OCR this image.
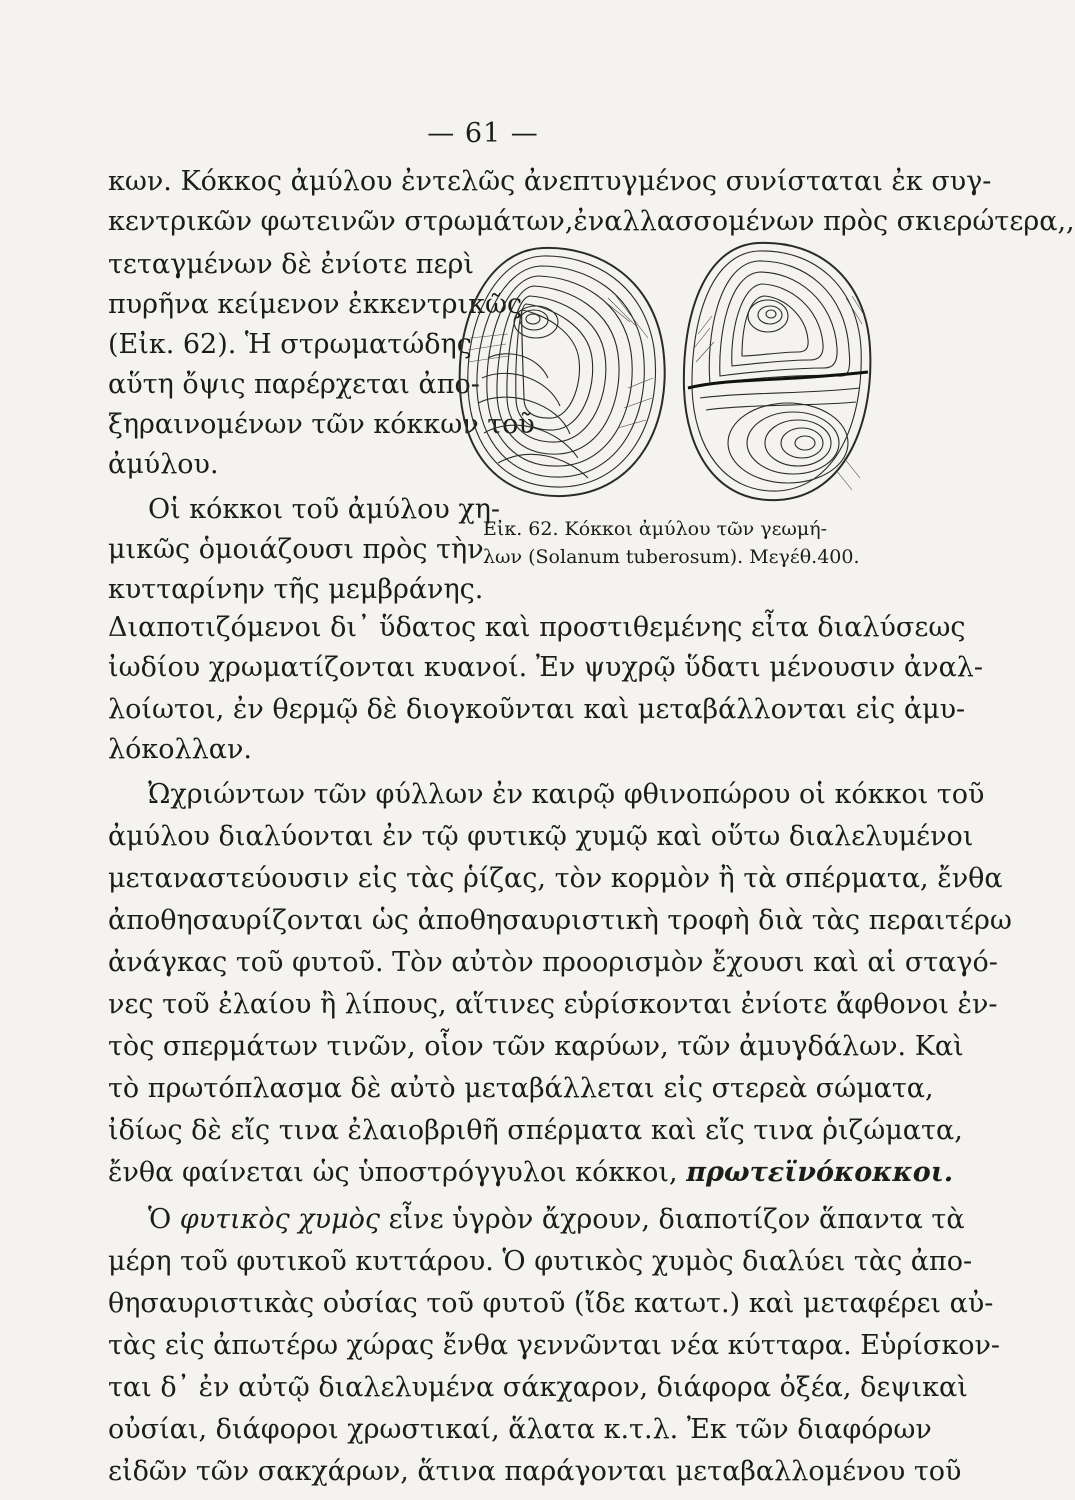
— 61 —
κων. Κόκκος ἀμύλου ἐντελῶς ἀνεπτυγμένος συνίσταται ἐκ συγ-
κεντρικῶν φωτεινῶν στρωμάτων,ἐναλλασσομένων πρὸς σκιερώτερα,,
τεταγμένων δὲ ἐνίοτε περὶ
πυρῆνα κείμενον ἐκκεντρικῶς
(Εἰκ. 62). Ἡ στρωματώδης
αὕτη ὄψις παρέρχεται ἀπο-
ξηραινομένων τῶν κόκκων τοῦ
ἀμύλου.
Οἱ κόκκοι τοῦ ἀμύλου χη-
μικῶς ὁμοιάζουσι πρὸς τὴν
κυτταρίνην τῆς μεμβράνης.
Εἰκ. 62. Κόκκοι ἀμύλου τῶν γεωμή-
λων (Solanum tuberosum). Μεγέθ.400.
Διαποτιζόμενοι δι᾽ ὕδατος καὶ προστιθεμένης εἶτα διαλύσεως
ἰωδίου χρωματίζονται κυανοί. Ἐν ψυχρῷ ὕδατι μένουσιν ἀναλ-
λοίωτοι, ἐν θερμῷ δὲ διογκοῦνται καὶ μεταβάλλονται εἰς ἀμυ-
λόκολλαν.
Ὠχριώντων τῶν φύλλων ἐν καιρῷ φθινοπώρου οἱ κόκκοι τοῦ
ἀμύλου διαλύονται ἐν τῷ φυτικῷ χυμῷ καὶ οὕτω διαλελυμένοι
μεταναστεύουσιν εἰς τὰς ῥίζας, τὸν κορμὸν ἢ τὰ σπέρματα, ἔνθα
ἀποθησαυρίζονται ὡς ἀποθησαυριστικὴ τροφὴ διὰ τὰς περαιτέρω
ἀνάγκας τοῦ φυτοῦ. Τὸν αὐτὸν προορισμὸν ἔχουσι καὶ αἱ σταγό-
νες τοῦ ἐλαίου ἢ λίπους, αἵτινες εὑρίσκονται ἐνίοτε ἄφθονοι ἐν-
τὸς σπερμάτων τινῶν, οἷον τῶν καρύων, τῶν ἀμυγδάλων. Καὶ
τὸ πρωτόπλασμα δὲ αὐτὸ μεταβάλλεται εἰς στερεὰ σώματα,
ἰδίως δὲ εἴς τινα ἐλαιοβριθῆ σπέρματα καὶ εἴς τινα ῥιζώματα,
ἔνθα φαίνεται ὡς ὑποστρόγγυλοι κόκκοι, πρωτεϊνόκοκκοι.
Ὁ φυτικὸς χυμὸς εἶνε ὑγρὸν ἄχρουν, διαποτίζον ἅπαντα τὰ
μέρη τοῦ φυτικοῦ κυττάρου. Ὁ φυτικὸς χυμὸς διαλύει τὰς ἀπο-
θησαυριστικὰς οὐσίας τοῦ φυτοῦ (ἴδε κατωτ.) καὶ μεταφέρει αὐ-
τὰς εἰς ἀπωτέρω χώρας ἔνθα γεννῶνται νέα κύτταρα. Εὑρίσκον-
ται δ᾽ ἐν αὐτῷ διαλελυμένα σάκχαρον, διάφορα ὀξέα, δεψικαὶ
οὐσίαι, διάφοροι χρωστικαί, ἅλατα κ.τ.λ. Ἐκ τῶν διαφόρων
εἰδῶν τῶν σακχάρων, ἅτινα παράγονται μεταβαλλομένου τοῦ
